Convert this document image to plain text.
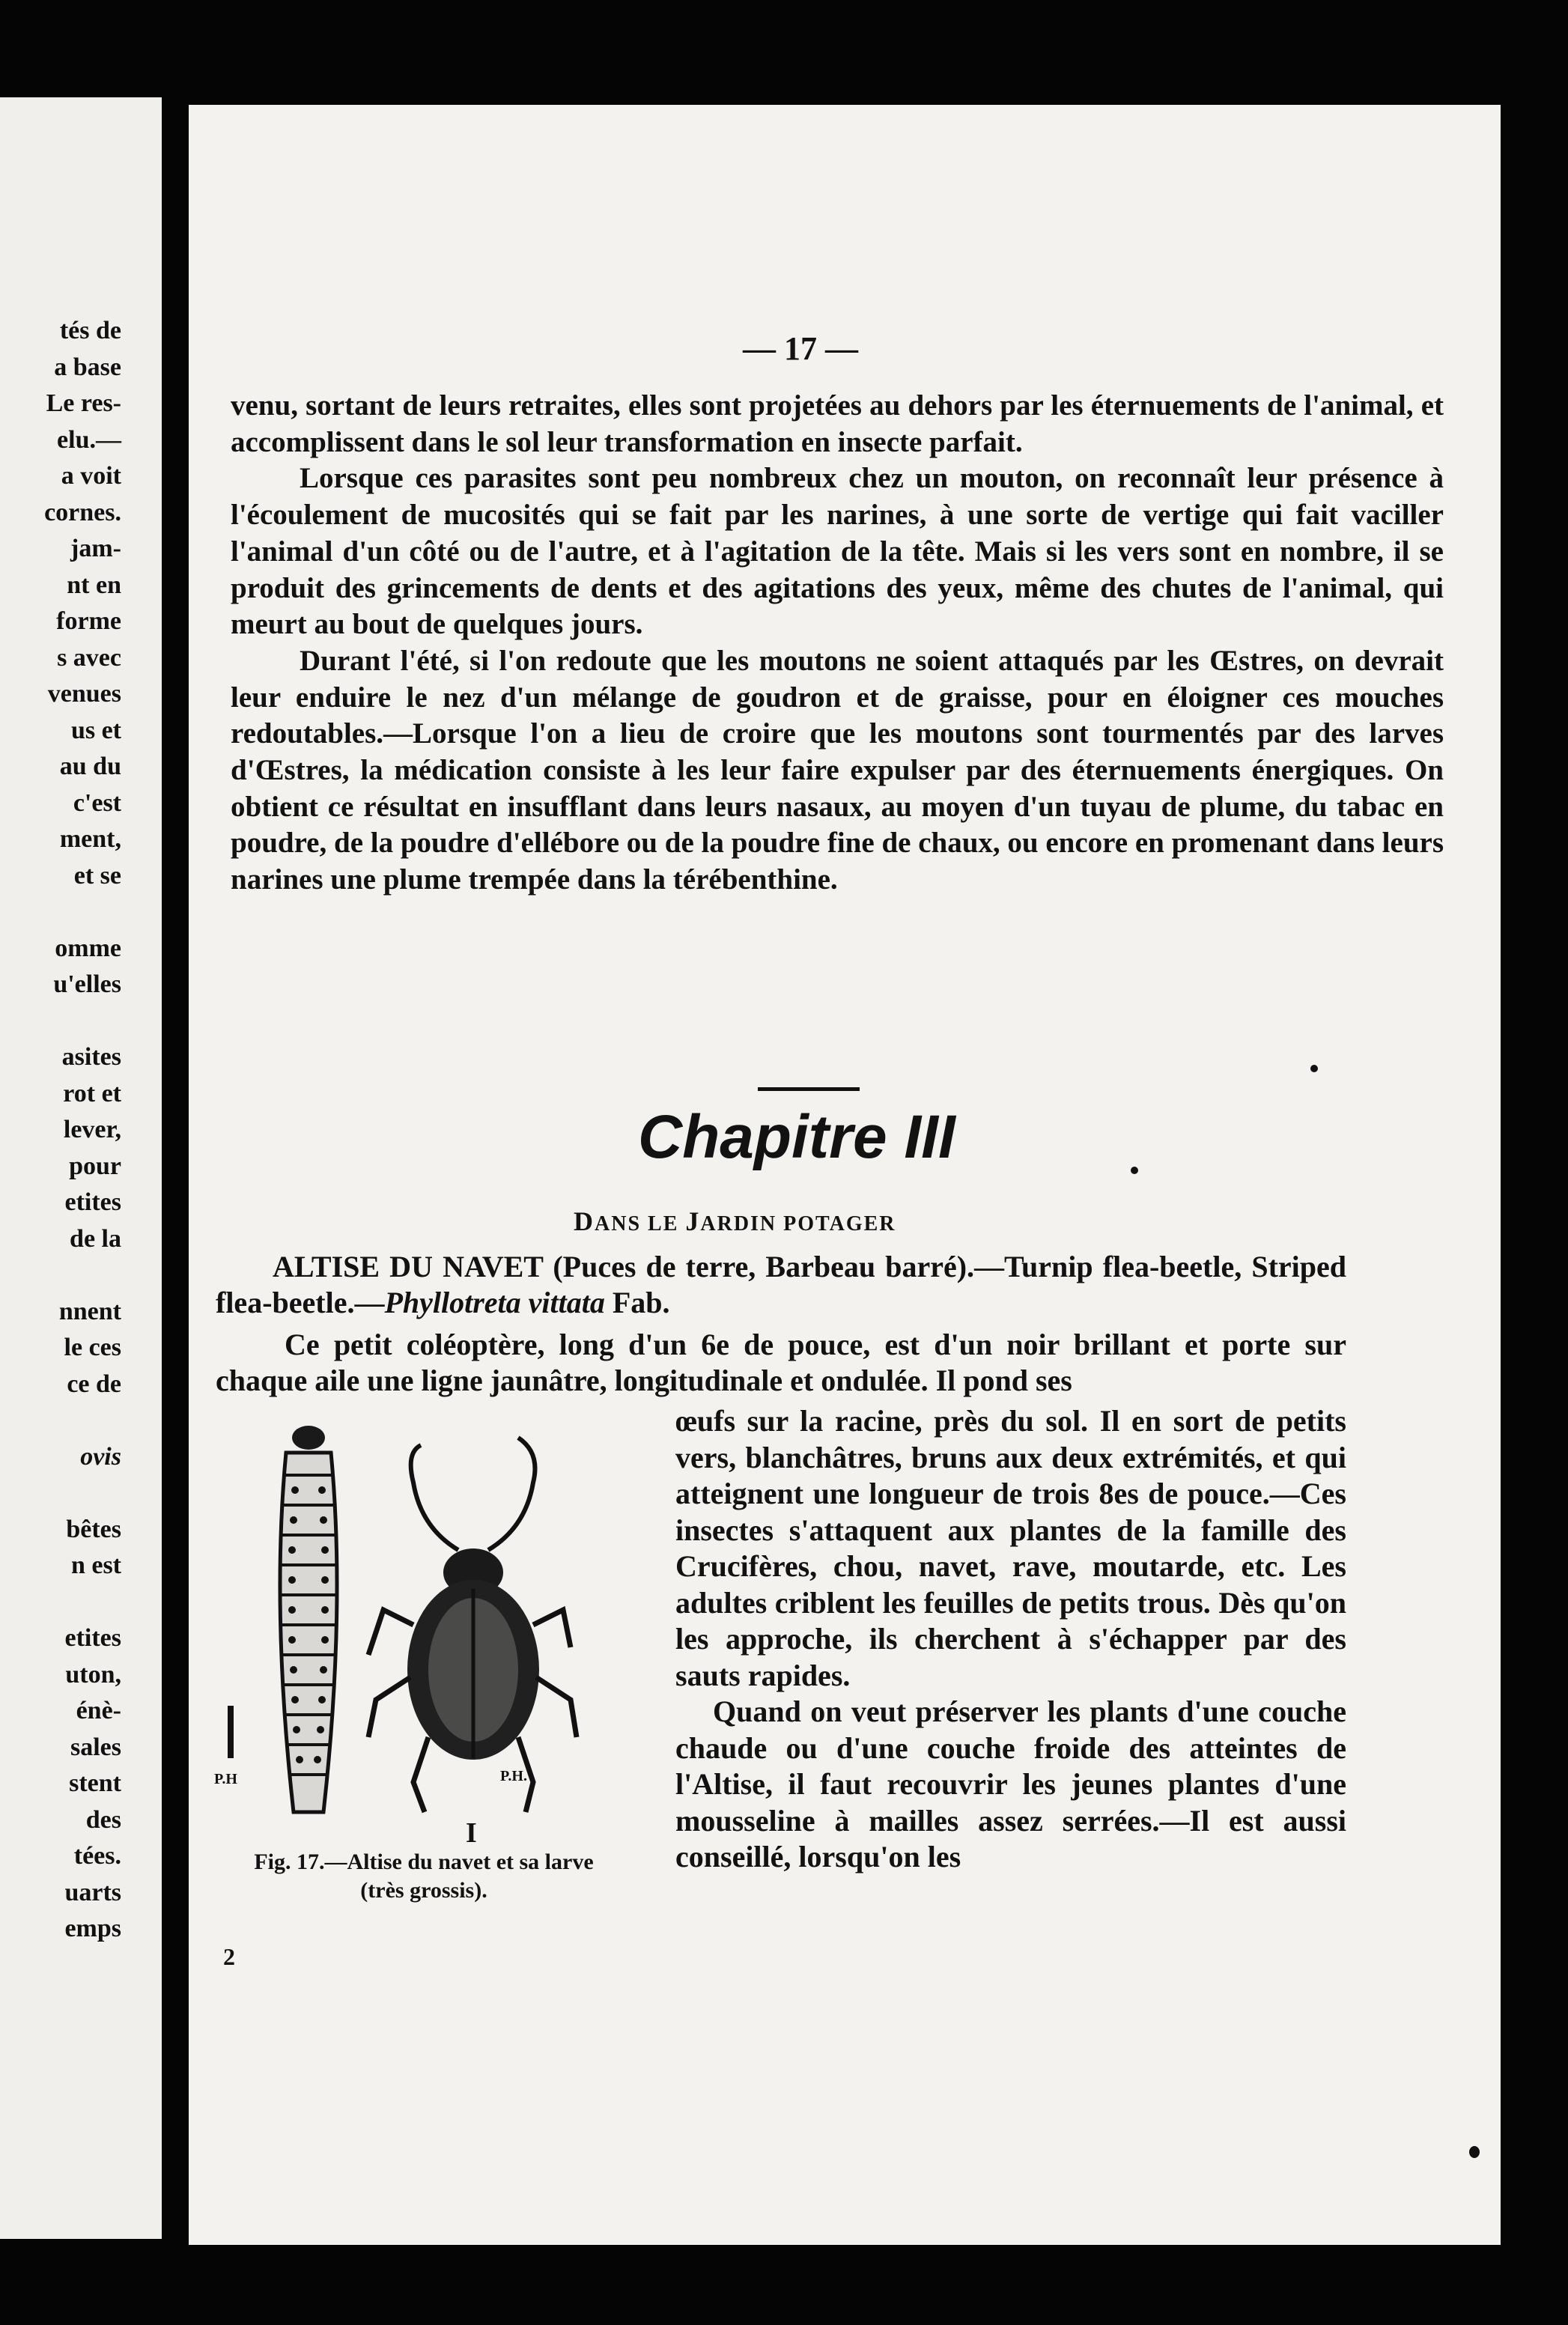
tés de
a base
Le res-
elu.—
a voit
cornes.
jam-
nt en
forme
s avec
venues
us et
au du
c'est
ment,
et se
omme
u'elles
asites
rot et
lever,
pour
etites
de la
nnent
le ces
ce de
ovis
bêtes
n est
etites
uton,
énè-
sales
stent
des
tées.
uarts
emps
— 17 —

venu, sortant de leurs retraites, elles sont projetées au dehors par les éternuements de l'animal, et accomplissent dans le sol leur transformation en insecte parfait.

Lorsque ces parasites sont peu nombreux chez un mouton, on reconnaît leur présence à l'écoulement de mucosités qui se fait par les narines, à une sorte de vertige qui fait vaciller l'animal d'un côté ou de l'autre, et à l'agitation de la tête. Mais si les vers sont en nombre, il se produit des grincements de dents et des agitations des yeux, même des chutes de l'animal, qui meurt au bout de quelques jours.

Durant l'été, si l'on redoute que les moutons ne soient attaqués par les Œstres, on devrait leur enduire le nez d'un mélange de goudron et de graisse, pour en éloigner ces mouches redoutables.—Lorsque l'on a lieu de croire que les moutons sont tourmentés par des larves d'Œstres, la médication consiste à les leur faire expulser par des éternuements énergiques. On obtient ce résultat en insufflant dans leurs nasaux, au moyen d'un tuyau de plume, du tabac en poudre, de la poudre d'ellébore ou de la poudre fine de chaux, ou encore en promenant dans leurs narines une plume trempée dans la térébenthine.

Chapitre III
DANS LE JARDIN POTAGER
ALTISE DU NAVET (Puces de terre, Barbeau barré).—Turnip flea-beetle, Striped flea-beetle.—Phyllotreta vittata Fab.

Ce petit coléoptère, long d'un 6e de pouce, est d'un noir brillant et porte sur chaque aile une ligne jaunâtre, longitudinale et ondulée. Il pond ses

P.H.
I
P.H

œufs sur la racine, près du sol. Il en sort de petits vers, blanchâtres, bruns aux deux extrémités, et qui atteignent une longueur de trois 8es de pouce.—Ces insectes s'attaquent aux plantes de la famille des Crucifères, chou, navet, rave, moutarde, etc. Les adultes criblent les feuilles de petits trous. Dès qu'on les approche, ils cherchent à s'échapper par des sauts rapides.

Quand on veut préserver les plants d'une couche chaude ou d'une couche froide des atteintes de l'Altise, il faut recouvrir les jeunes plantes d'une mousseline à mailles assez serrées.—Il est aussi conseillé, lorsqu'on les

Fig. 17.—Altise du navet et sa larve
(très grossis).
2
